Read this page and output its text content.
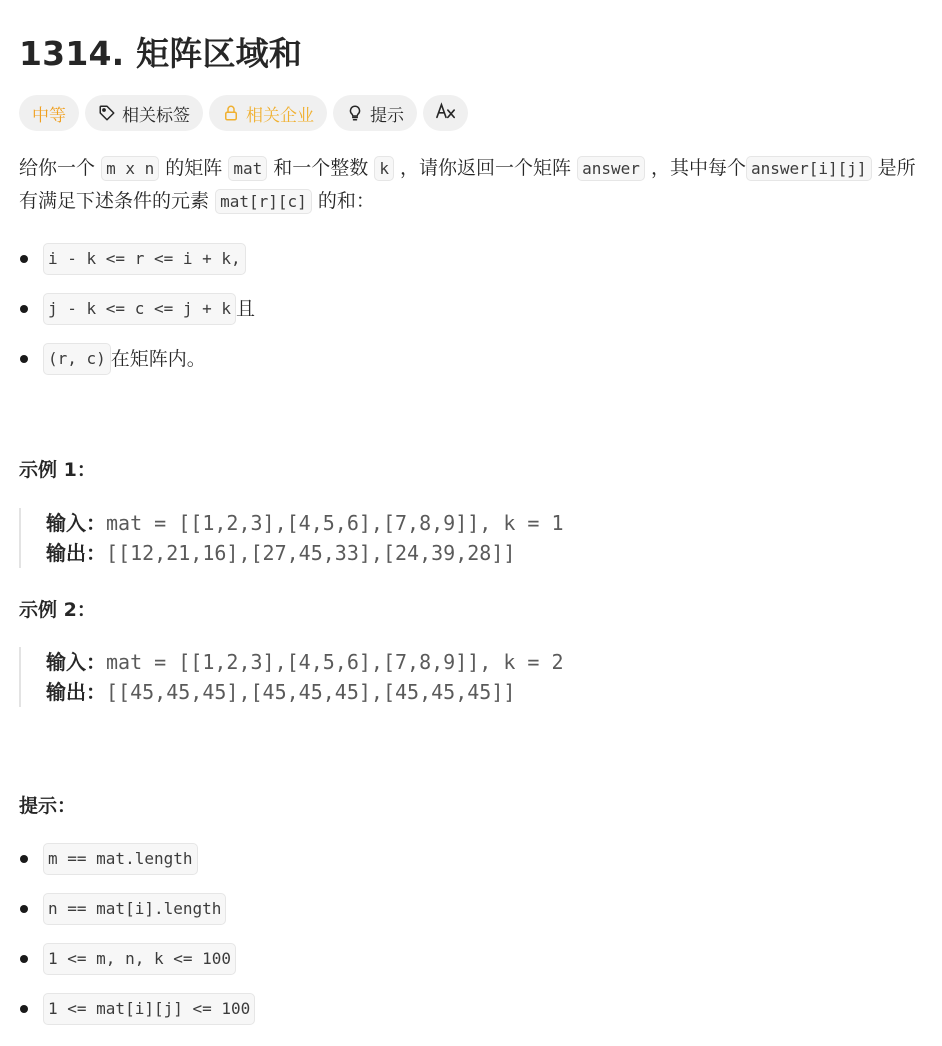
1314. 矩阵区域和
中等	相关标签	相关企业	提示
给你一个 m x n 的矩阵 mat 和一个整数 k ，请你返回一个矩阵 answer ，其中每个 answer[i][j] 是所有满足下述条件的元素 mat[r][c] 的和：
i - k <= r <= i + k,
j - k <= c <= j + k 且
(r, c) 在矩阵内。
示例 1：
输入：mat = [[1,2,3],[4,5,6],[7,8,9]], k = 1
输出：[[12,21,16],[27,45,33],[24,39,28]]
示例 2：
输入：mat = [[1,2,3],[4,5,6],[7,8,9]], k = 2
输出：[[45,45,45],[45,45,45],[45,45,45]]
提示：
m == mat.length
n == mat[i].length
1 <= m, n, k <= 100
1 <= mat[i][j] <= 100
